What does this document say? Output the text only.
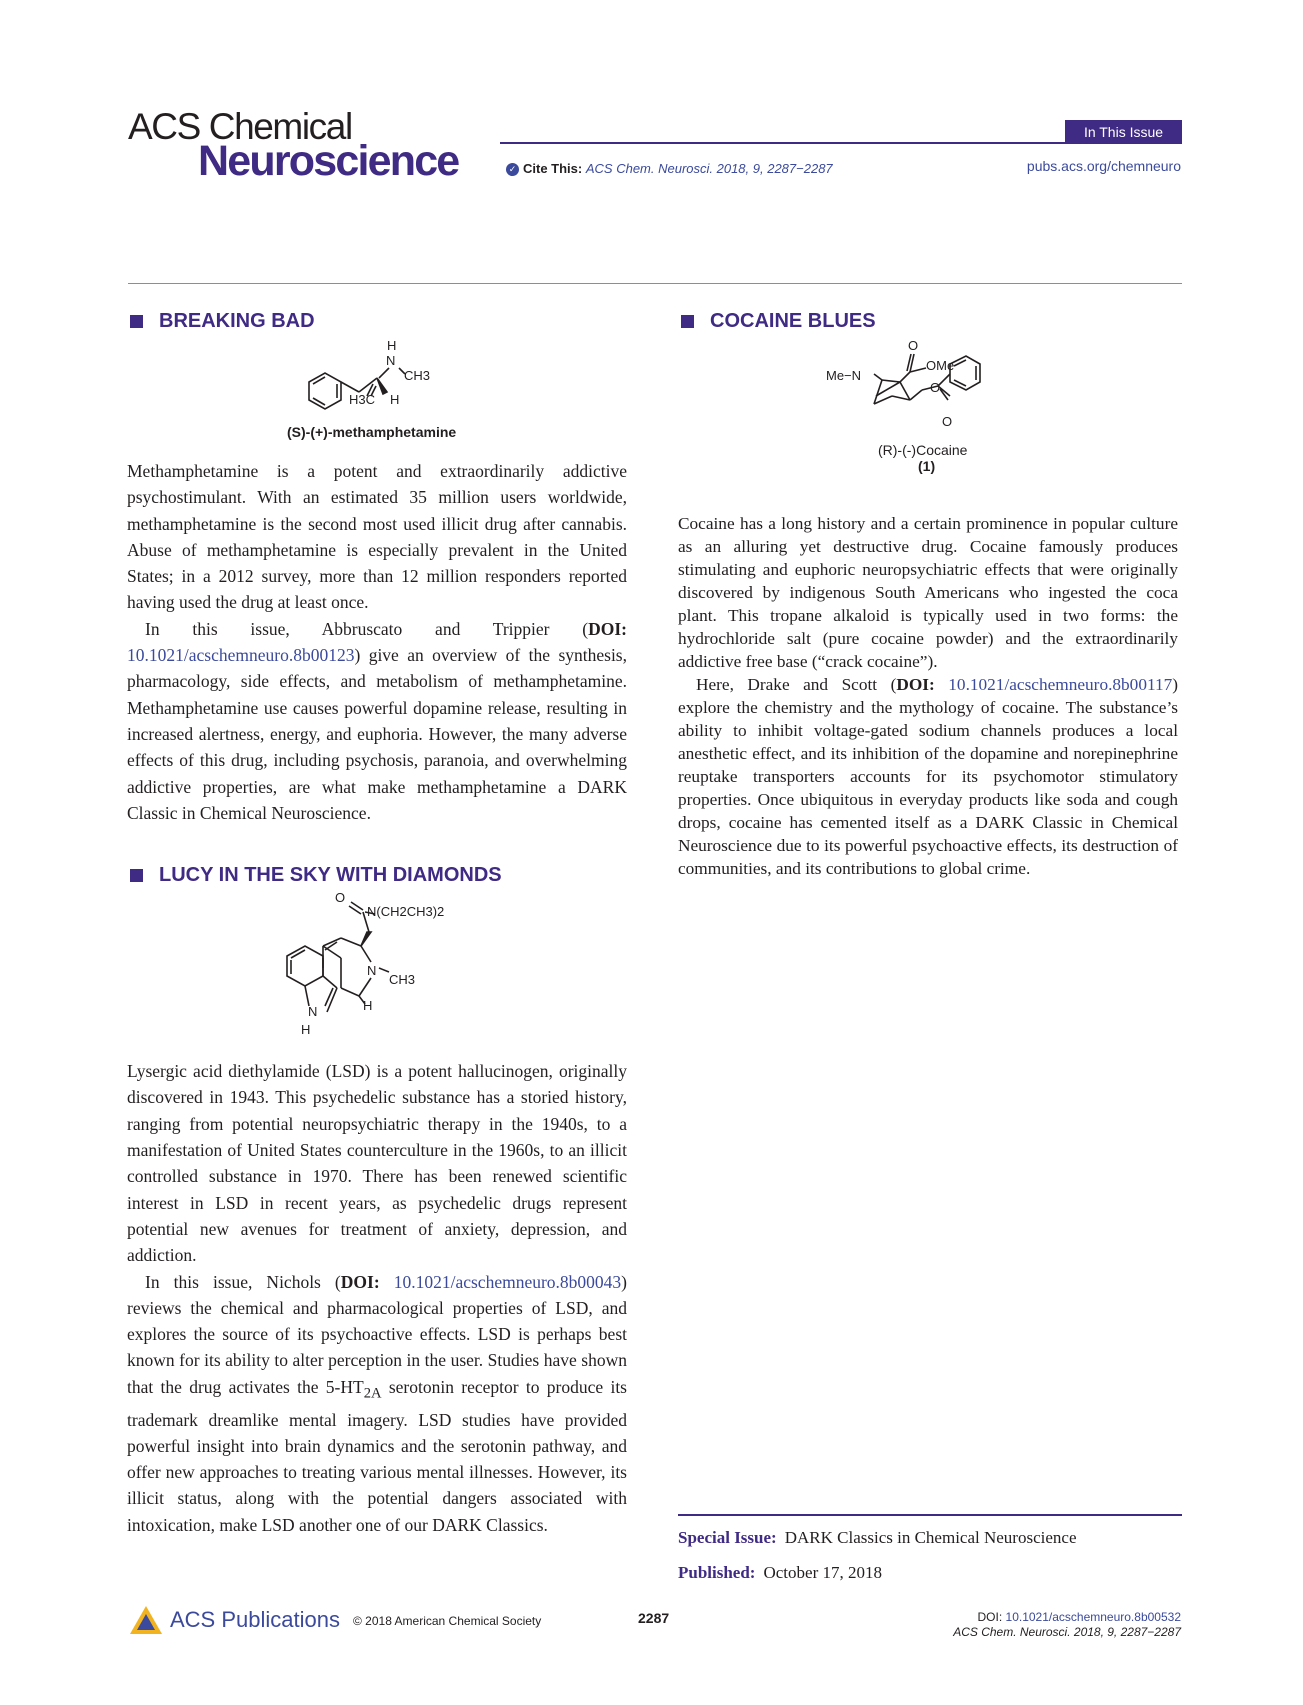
ACS Chemical
Neuroscience
In This Issue
✓ Cite This: ACS Chem. Neurosci. 2018, 9, 2287−2287	pubs.acs.org/chemneuro
BREAKING BAD
H
N
CH3
H3C H
(S)-(+)-methamphetamine

Methamphetamine is a potent and extraordinarily addictive psychostimulant. With an estimated 35 million users worldwide, methamphetamine is the second most used illicit drug after cannabis. Abuse of methamphetamine is especially prevalent in the United States; in a 2012 survey, more than 12 million responders reported having used the drug at least once.

In this issue, Abbruscato and Trippier (DOI: 10.1021/acschemneuro.8b00123) give an overview of the synthesis, pharmacology, side effects, and metabolism of methamphetamine. Methamphetamine use causes powerful dopamine release, resulting in increased alertness, energy, and euphoria. However, the many adverse effects of this drug, including psychosis, paranoia, and overwhelming addictive properties, are what make methamphetamine a DARK Classic in Chemical Neuroscience.

LUCY IN THE SKY WITH DIAMONDS
O
N(CH2CH3)2
N
CH3
H
N
H

Lysergic acid diethylamide (LSD) is a potent hallucinogen, originally discovered in 1943. This psychedelic substance has a storied history, ranging from potential neuropsychiatric therapy in the 1940s, to a manifestation of United States counterculture in the 1960s, to an illicit controlled substance in 1970. There has been renewed scientific interest in LSD in recent years, as psychedelic drugs represent potential new avenues for treatment of anxiety, depression, and addiction.

In this issue, Nichols (DOI: 10.1021/acschemneuro.8b00043) reviews the chemical and pharmacological properties of LSD, and explores the source of its psychoactive effects. LSD is perhaps best known for its ability to alter perception in the user. Studies have shown that the drug activates the $5-HT_{2A}$ serotonin receptor to produce its trademark dreamlike mental imagery. LSD studies have provided powerful insight into brain dynamics and the serotonin pathway, and offer new approaches to treating various mental illnesses. However, its illicit status, along with the potential dangers associated with intoxication, make LSD another one of our DARK Classics.

COCAINE BLUES
Me−N
O
OMe
O
O
(R)-(-)Cocaine
(1)

Cocaine has a long history and a certain prominence in popular culture as an alluring yet destructive drug. Cocaine famously produces stimulating and euphoric neuropsychiatric effects that were originally discovered by indigenous South Americans who ingested the coca plant. This tropane alkaloid is typically used in two forms: the hydrochloride salt (pure cocaine powder) and the extraordinarily addictive free base (“crack cocaine”).

Here, Drake and Scott (DOI: 10.1021/acschemneuro.8b00117) explore the chemistry and the mythology of cocaine. The substance’s ability to inhibit voltage-gated sodium channels produces a local anesthetic effect, and its inhibition of the dopamine and norepinephrine reuptake transporters accounts for its psychomotor stimulatory properties. Once ubiquitous in everyday products like soda and cough drops, cocaine has cemented itself as a DARK Classic in Chemical Neuroscience due to its powerful psychoactive effects, its destruction of communities, and its contributions to global crime.

Special Issue: DARK Classics in Chemical Neuroscience
Published: October 17, 2018
ACS Publications © 2018 American Chemical Society	2287	DOI: 10.1021/acschemneuro.8b00532
ACS Chem. Neurosci. 2018, 9, 2287−2287
